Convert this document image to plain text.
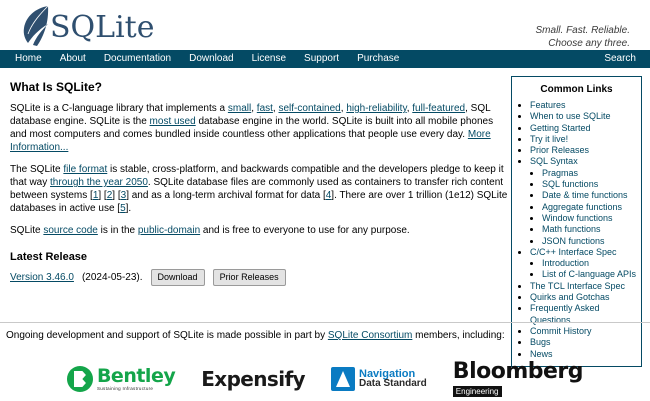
SQLite	Small. Fast. Reliable.
Choose any three.
Home	About	Documentation	Download	License	Support	Purchase	Search
What Is SQLite?

SQLite is a C-language library that implements a small, fast, self-contained, high-reliability, full-featured, SQL database engine. SQLite is the most used database engine in the world. SQLite is built into all mobile phones and most computers and comes bundled inside countless other applications that people use every day. More Information...

The SQLite file format is stable, cross-platform, and backwards compatible and the developers pledge to keep it that way through the year 2050. SQLite database files are commonly used as containers to transfer rich content between systems [1] [2] [3] and as a long-term archival format for data [4]. There are over 1 trillion (1e12) SQLite databases in active use [5].

SQLite source code is in the public-domain and is free to everyone to use for any purpose.

Latest Release
Version 3.46.0 (2024-05-23).	Download	Prior Releases
Common Links
• Features
• When to use SQLite
• Getting Started
• Try it live!
• Prior Releases
• SQL Syntax
• Pragmas
• SQL functions
• Date & time functions
• Aggregate functions
• Window functions
• Math functions
• JSON functions
• C/C++ Interface Spec
• Introduction
• List of C-language APIs
• The TCL Interface Spec
• Quirks and Gotchas
• Frequently Asked Questions
• Commit History
• Bugs
• News
Ongoing development and support of SQLite is made possible in part by SQLite Consortium members, including:
Bentley
Sustaining Infrastructure	Expensify	Navigation
Data Standard Bloomberg
Engineering
